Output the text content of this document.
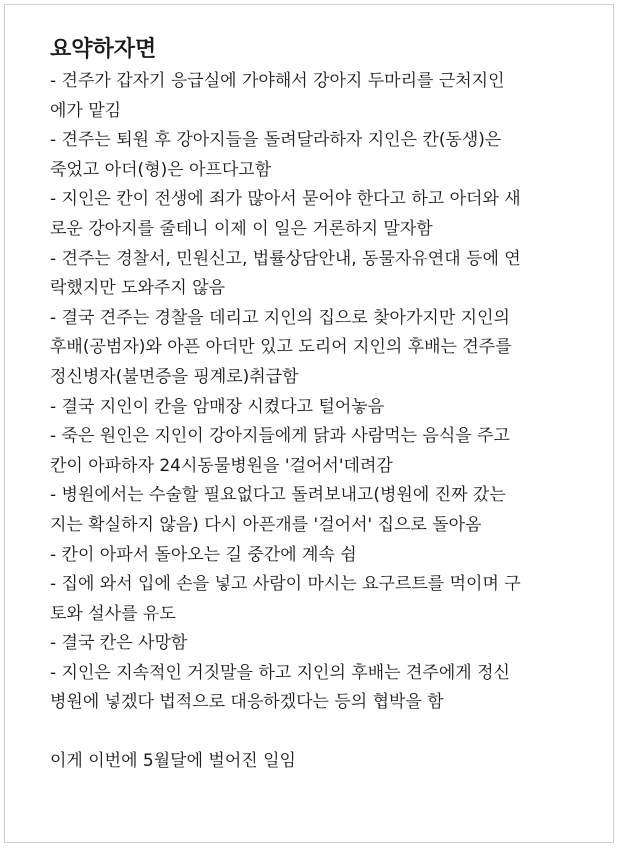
요약하자면
- 견주가 갑자기 응급실에 가야해서 강아지 두마리를 근처지인
에가 맡김
- 견주는 퇴원 후 강아지들을 돌려달라하자 지인은 칸(동생)은
죽었고 아더(형)은 아프다고함
- 지인은 칸이 전생에 죄가 많아서 묻어야 한다고 하고 아더와 새
로운 강아지를 줄테니 이제 이 일은 거론하지 말자함
- 견주는 경찰서, 민원신고, 법률상담안내, 동물자유연대 등에 연
락했지만 도와주지 않음
- 결국 견주는 경찰을 데리고 지인의 집으로 찾아가지만 지인의
후배(공범자)와 아픈 아더만 있고 도리어 지인의 후배는 견주를
정신병자(불면증을 핑계로)취급함
- 결국 지인이 칸을 암매장 시켰다고 털어놓음
- 죽은 원인은 지인이 강아지들에게 닭과 사람먹는 음식을 주고
칸이 아파하자 24시동물병원을 '걸어서'데려감
- 병원에서는 수술할 필요없다고 돌려보내고(병원에 진짜 갔는
지는 확실하지 않음) 다시 아픈개를 '걸어서' 집으로 돌아옴
- 칸이 아파서 돌아오는 길 중간에 계속 쉼
- 집에 와서 입에 손을 넣고 사람이 마시는 요구르트를 먹이며 구
토와 설사를 유도
- 결국 칸은 사망함
- 지인은 지속적인 거짓말을 하고 지인의 후배는 견주에게 정신
병원에 넣겠다 법적으로 대응하겠다는 등의 협박을 함
이게 이번에 5월달에 벌어진 일임
